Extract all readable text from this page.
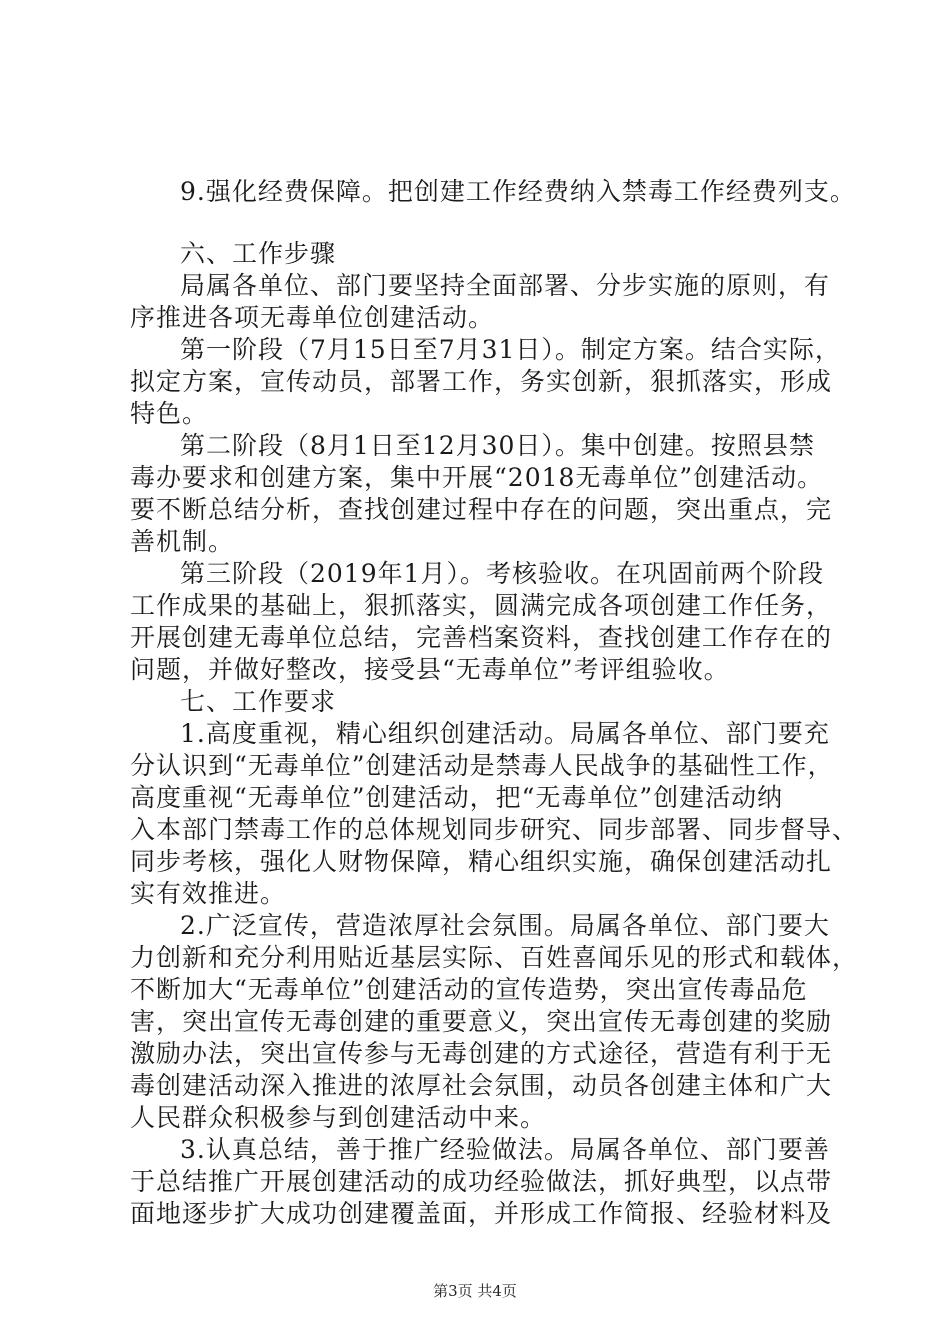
9.强化经费保障。把创建工作经费纳入禁毒工作经费列支。
六、工作步骤
局属各单位、部门要坚持全面部署、分步实施的原则，有
序推进各项无毒单位创建活动。
第一阶段（7月15日至7月31日）。制定方案。结合实际，
拟定方案，宣传动员，部署工作，务实创新，狠抓落实，形成
特色。
第二阶段（8月1日至12月30日）。集中创建。按照县禁
毒办要求和创建方案，集中开展“2018无毒单位”创建活动。
要不断总结分析，查找创建过程中存在的问题，突出重点，完
善机制。
第三阶段（2019年1月）。考核验收。在巩固前两个阶段
工作成果的基础上，狠抓落实，圆满完成各项创建工作任务，
开展创建无毒单位总结，完善档案资料，查找创建工作存在的
问题，并做好整改，接受县“无毒单位”考评组验收。
七、工作要求
1.高度重视，精心组织创建活动。局属各单位、部门要充
分认识到“无毒单位”创建活动是禁毒人民战争的基础性工作，
高度重视“无毒单位”创建活动，把“无毒单位”创建活动纳
入本部门禁毒工作的总体规划同步研究、同步部署、同步督导、
同步考核，强化人财物保障，精心组织实施，确保创建活动扎
实有效推进。
2.广泛宣传，营造浓厚社会氛围。局属各单位、部门要大
力创新和充分利用贴近基层实际、百姓喜闻乐见的形式和载体，
不断加大“无毒单位”创建活动的宣传造势，突出宣传毒品危
害，突出宣传无毒创建的重要意义，突出宣传无毒创建的奖励
激励办法，突出宣传参与无毒创建的方式途径，营造有利于无
毒创建活动深入推进的浓厚社会氛围，动员各创建主体和广大
人民群众积极参与到创建活动中来。
3.认真总结，善于推广经验做法。局属各单位、部门要善
于总结推广开展创建活动的成功经验做法，抓好典型，以点带
面地逐步扩大成功创建覆盖面，并形成工作简报、经验材料及
第3页 共4页
